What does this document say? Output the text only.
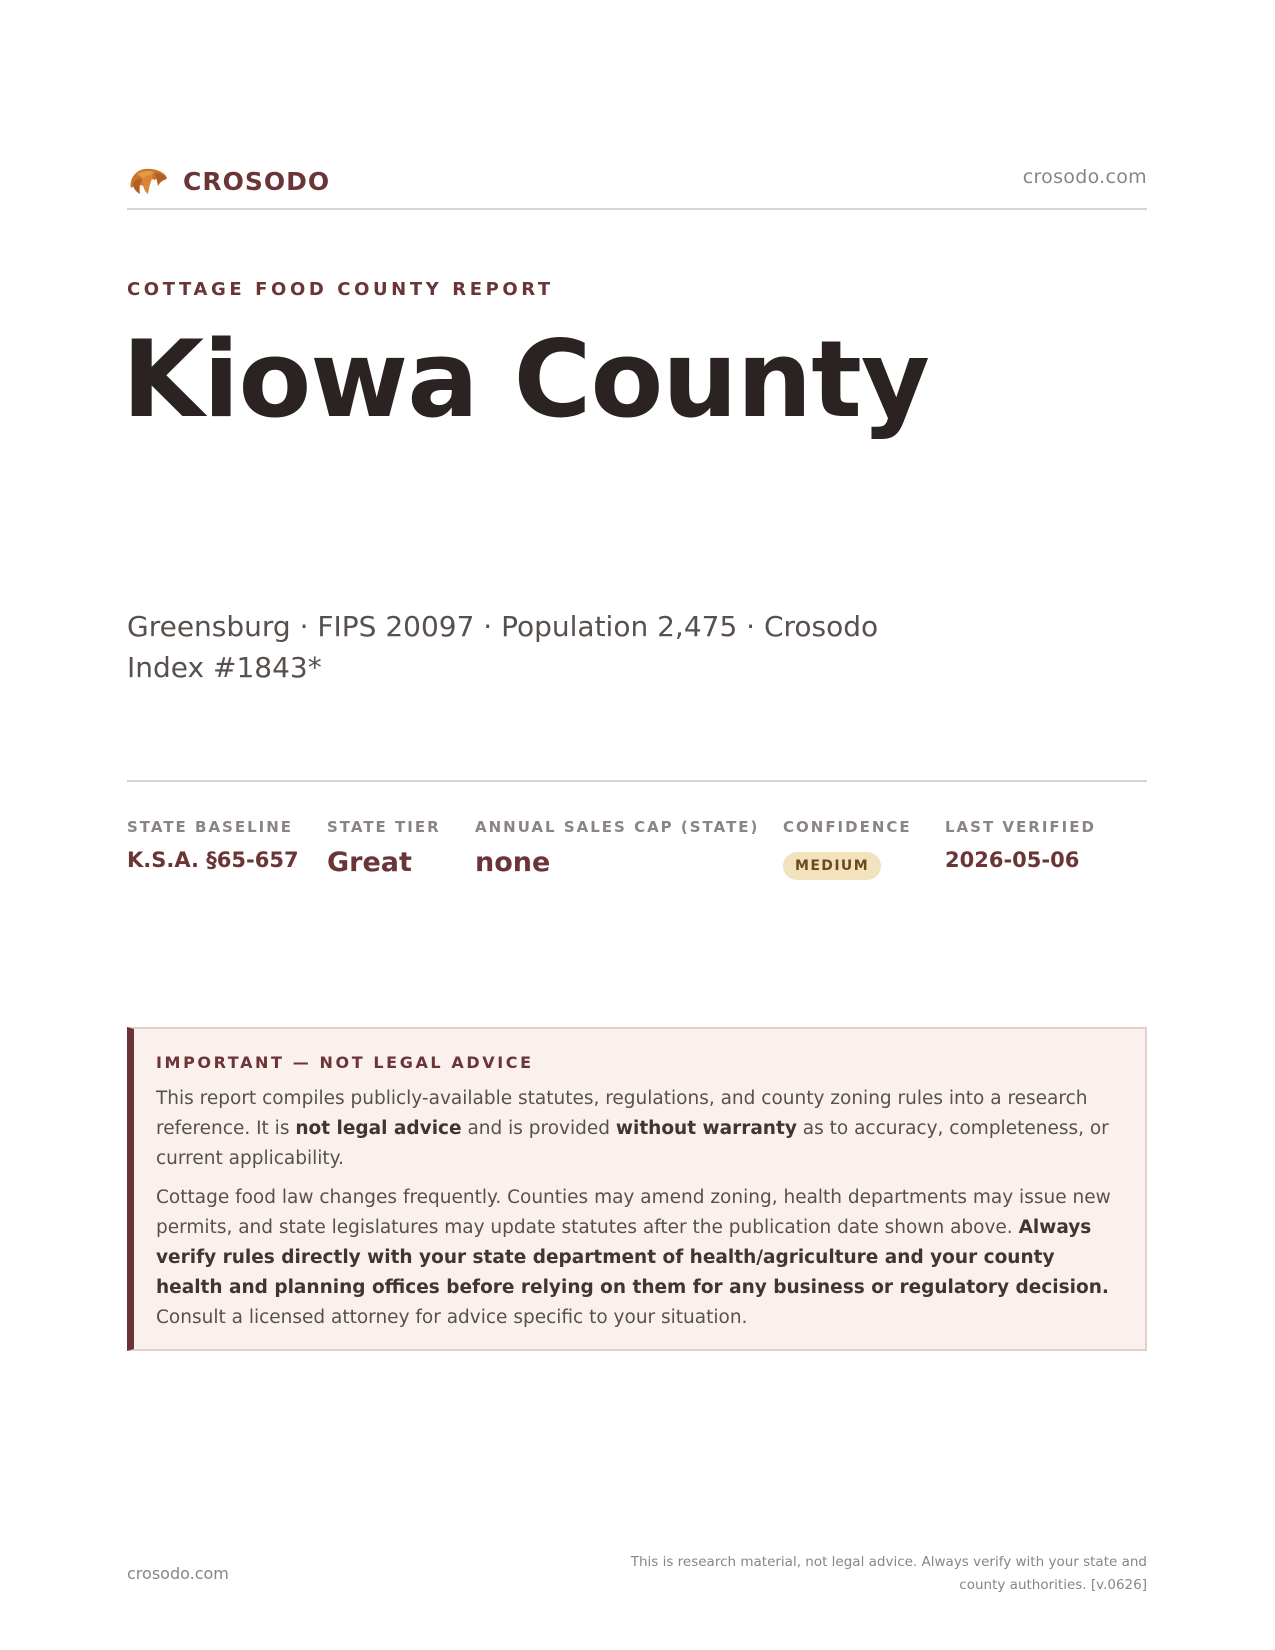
CROSODO	crosodo.com
COTTAGE FOOD COUNTY REPORT
Kiowa County
Greensburg · FIPS 20097 · Population 2,475 · Crosodo Index #1843*
STATE BASELINE
K.S.A. §65-657
STATE TIER
Great
ANNUAL SALES CAP (STATE)
none
CONFIDENCE
MEDIUM
LAST VERIFIED
2026-05-06
IMPORTANT — NOT LEGAL ADVICE

This report compiles publicly-available statutes, regulations, and county zoning rules into a research reference. It is not legal advice and is provided without warranty as to accuracy, completeness, or current applicability.

Cottage food law changes frequently. Counties may amend zoning, health departments may issue new permits, and state legislatures may update statutes after the publication date shown above. Always verify rules directly with your state department of health/agriculture and your county health and planning offices before relying on them for any business or regulatory decision. Consult a licensed attorney for advice specific to your situation.

crosodo.com
This is research material, not legal advice. Always verify with your state and county authorities. [v.0626]
